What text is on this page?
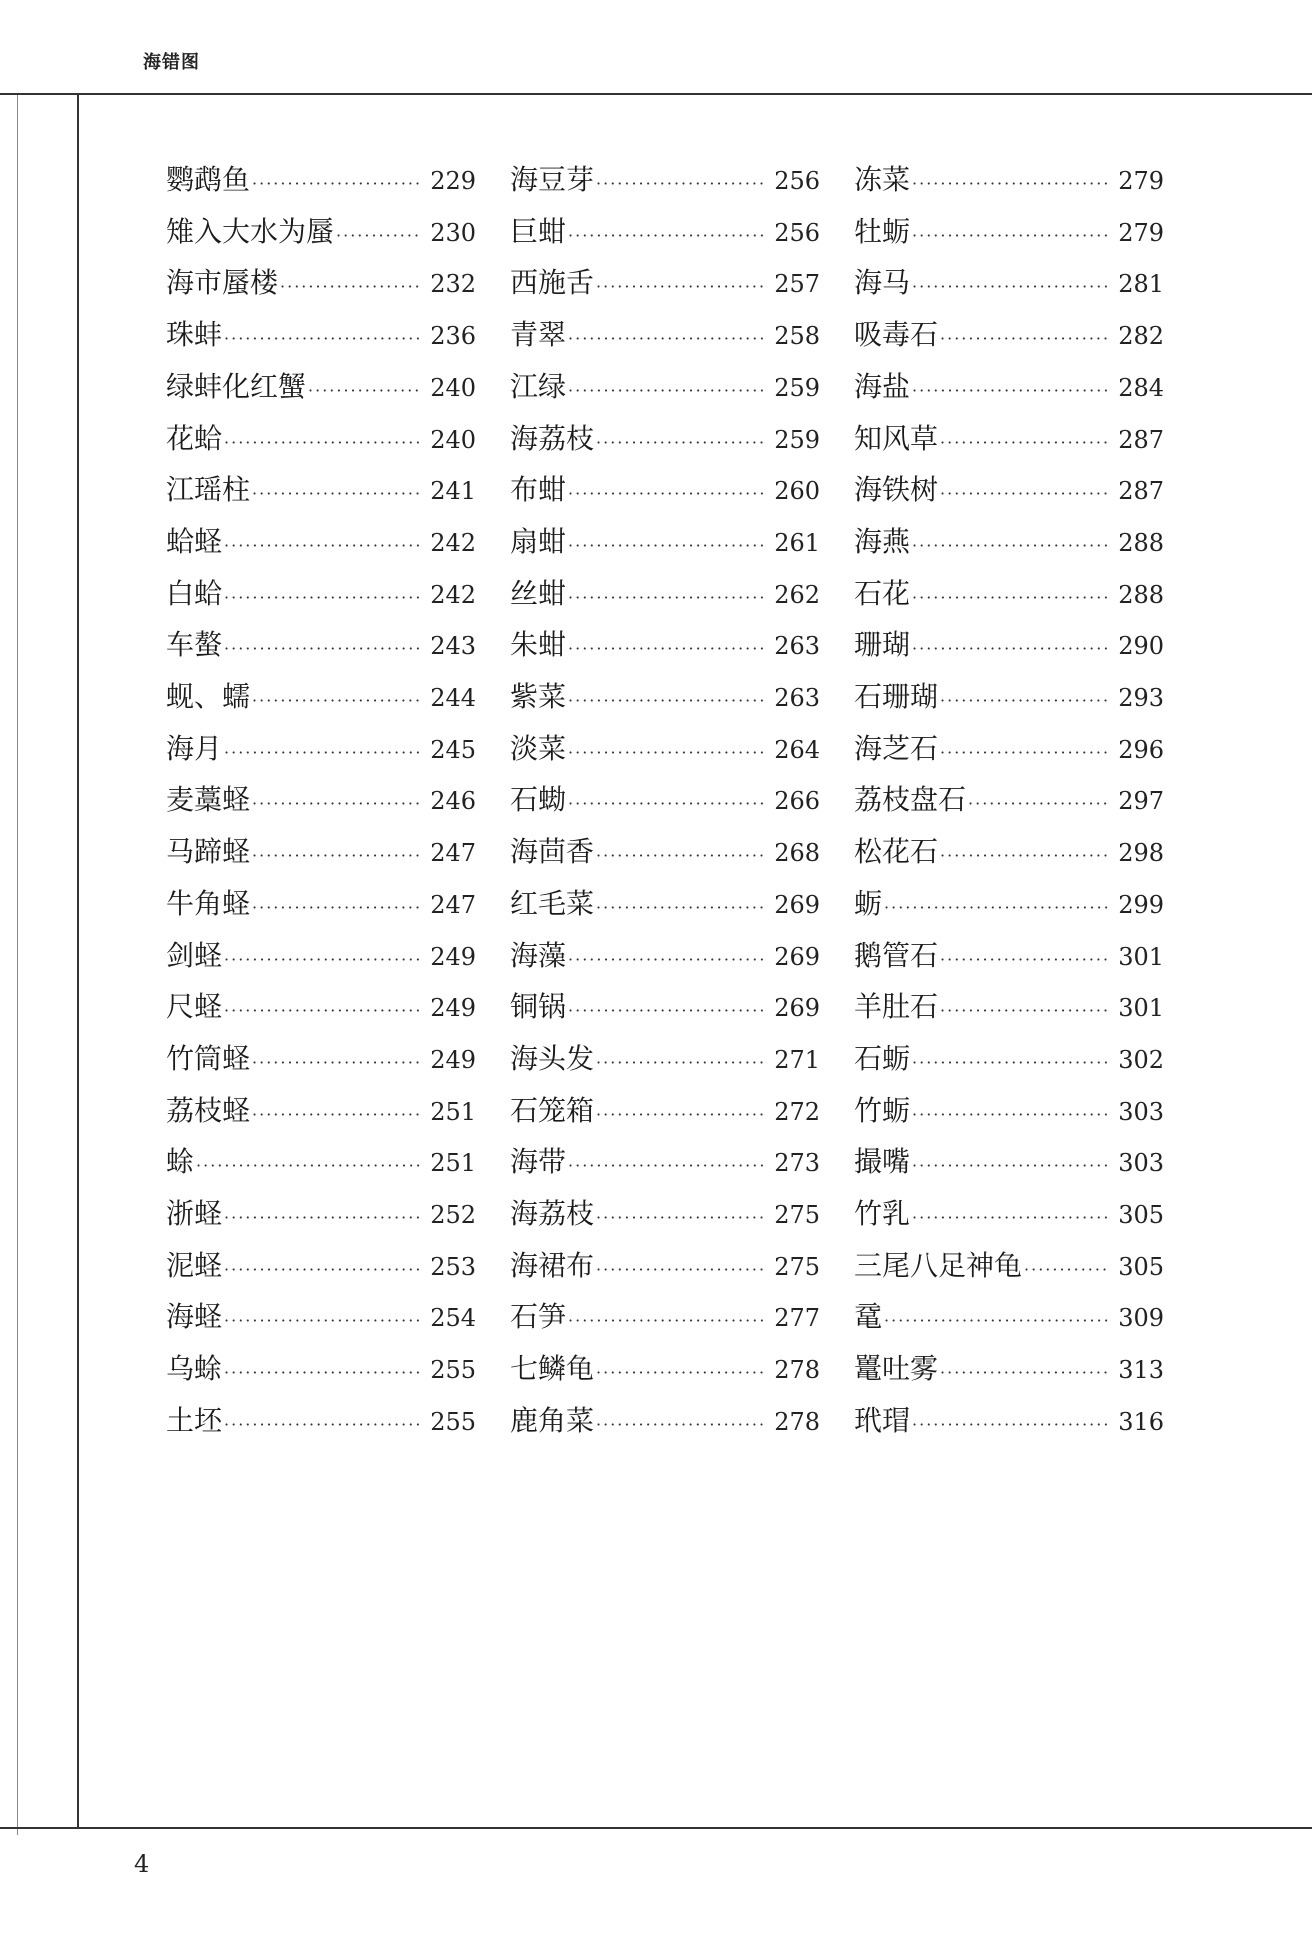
海错图
鹦鹉鱼 ·····	229
雉入大水为蜃 ·····	230
海市蜃楼 ·····	232
珠蚌 ·····	236
绿蚌化红蟹 ·····	240
花蛤 ·····	240
江瑶柱 ·····	241
蛤蛏 ·····	242
白蛤 ·····	242
车螯 ·····	243
蚬、蠕 ·····	244
海月 ·····	245
麦藁蛏 ·····	246
马蹄蛏 ·····	247
牛角蛏 ·····	247
剑蛏 ·····	249
尺蛏 ·····	249
竹筒蛏 ·····	249
荔枝蛏 ·····	251
蜍 ·····	251
浙蛏 ·····	252
泥蛏 ·····	253
海蛏 ·····	254
乌蜍 ·····	255
土坯 ·····	255
海豆芽 ·····	256
巨蚶 ·····	256
西施舌 ·····	257
青翠 ·····	258
江绿 ·····	259
海荔枝 ·····	259
布蚶 ·····	260
扇蚶 ·····	261
丝蚶 ·····	262
朱蚶 ·····	263
紫菜 ·····	263
淡菜 ·····	264
石蜐 ·····	266
海茴香 ·····	268
红毛菜 ·····	269
海藻 ·····	269
铜锅 ·····	269
海头发 ·····	271
石笼箱 ·····	272
海带 ·····	273
海荔枝 ·····	275
海裙布 ·····	275
石笋 ·····	277
七鳞龟 ·····	278
鹿角菜 ·····	278
冻菜 ·····	279
牡蛎 ·····	279
海马 ·····	281
吸毒石 ·····	282
海盐 ·····	284
知风草 ·····	287
海铁树 ·····	287
海燕 ·····	288
石花 ·····	288
珊瑚 ·····	290
石珊瑚 ·····	293
海芝石 ·····	296
荔枝盘石 ·····	297
松花石 ·····	298
蛎 ·····	299
鹅管石 ·····	301
羊肚石 ·····	301
石蛎 ·····	302
竹蛎 ·····	303
撮嘴 ·····	303
竹乳 ·····	305
三尾八足神龟 ·····	305
鼋 ·····	309
鼍吐雾 ·····	313
玳瑁 ·····	316
4
